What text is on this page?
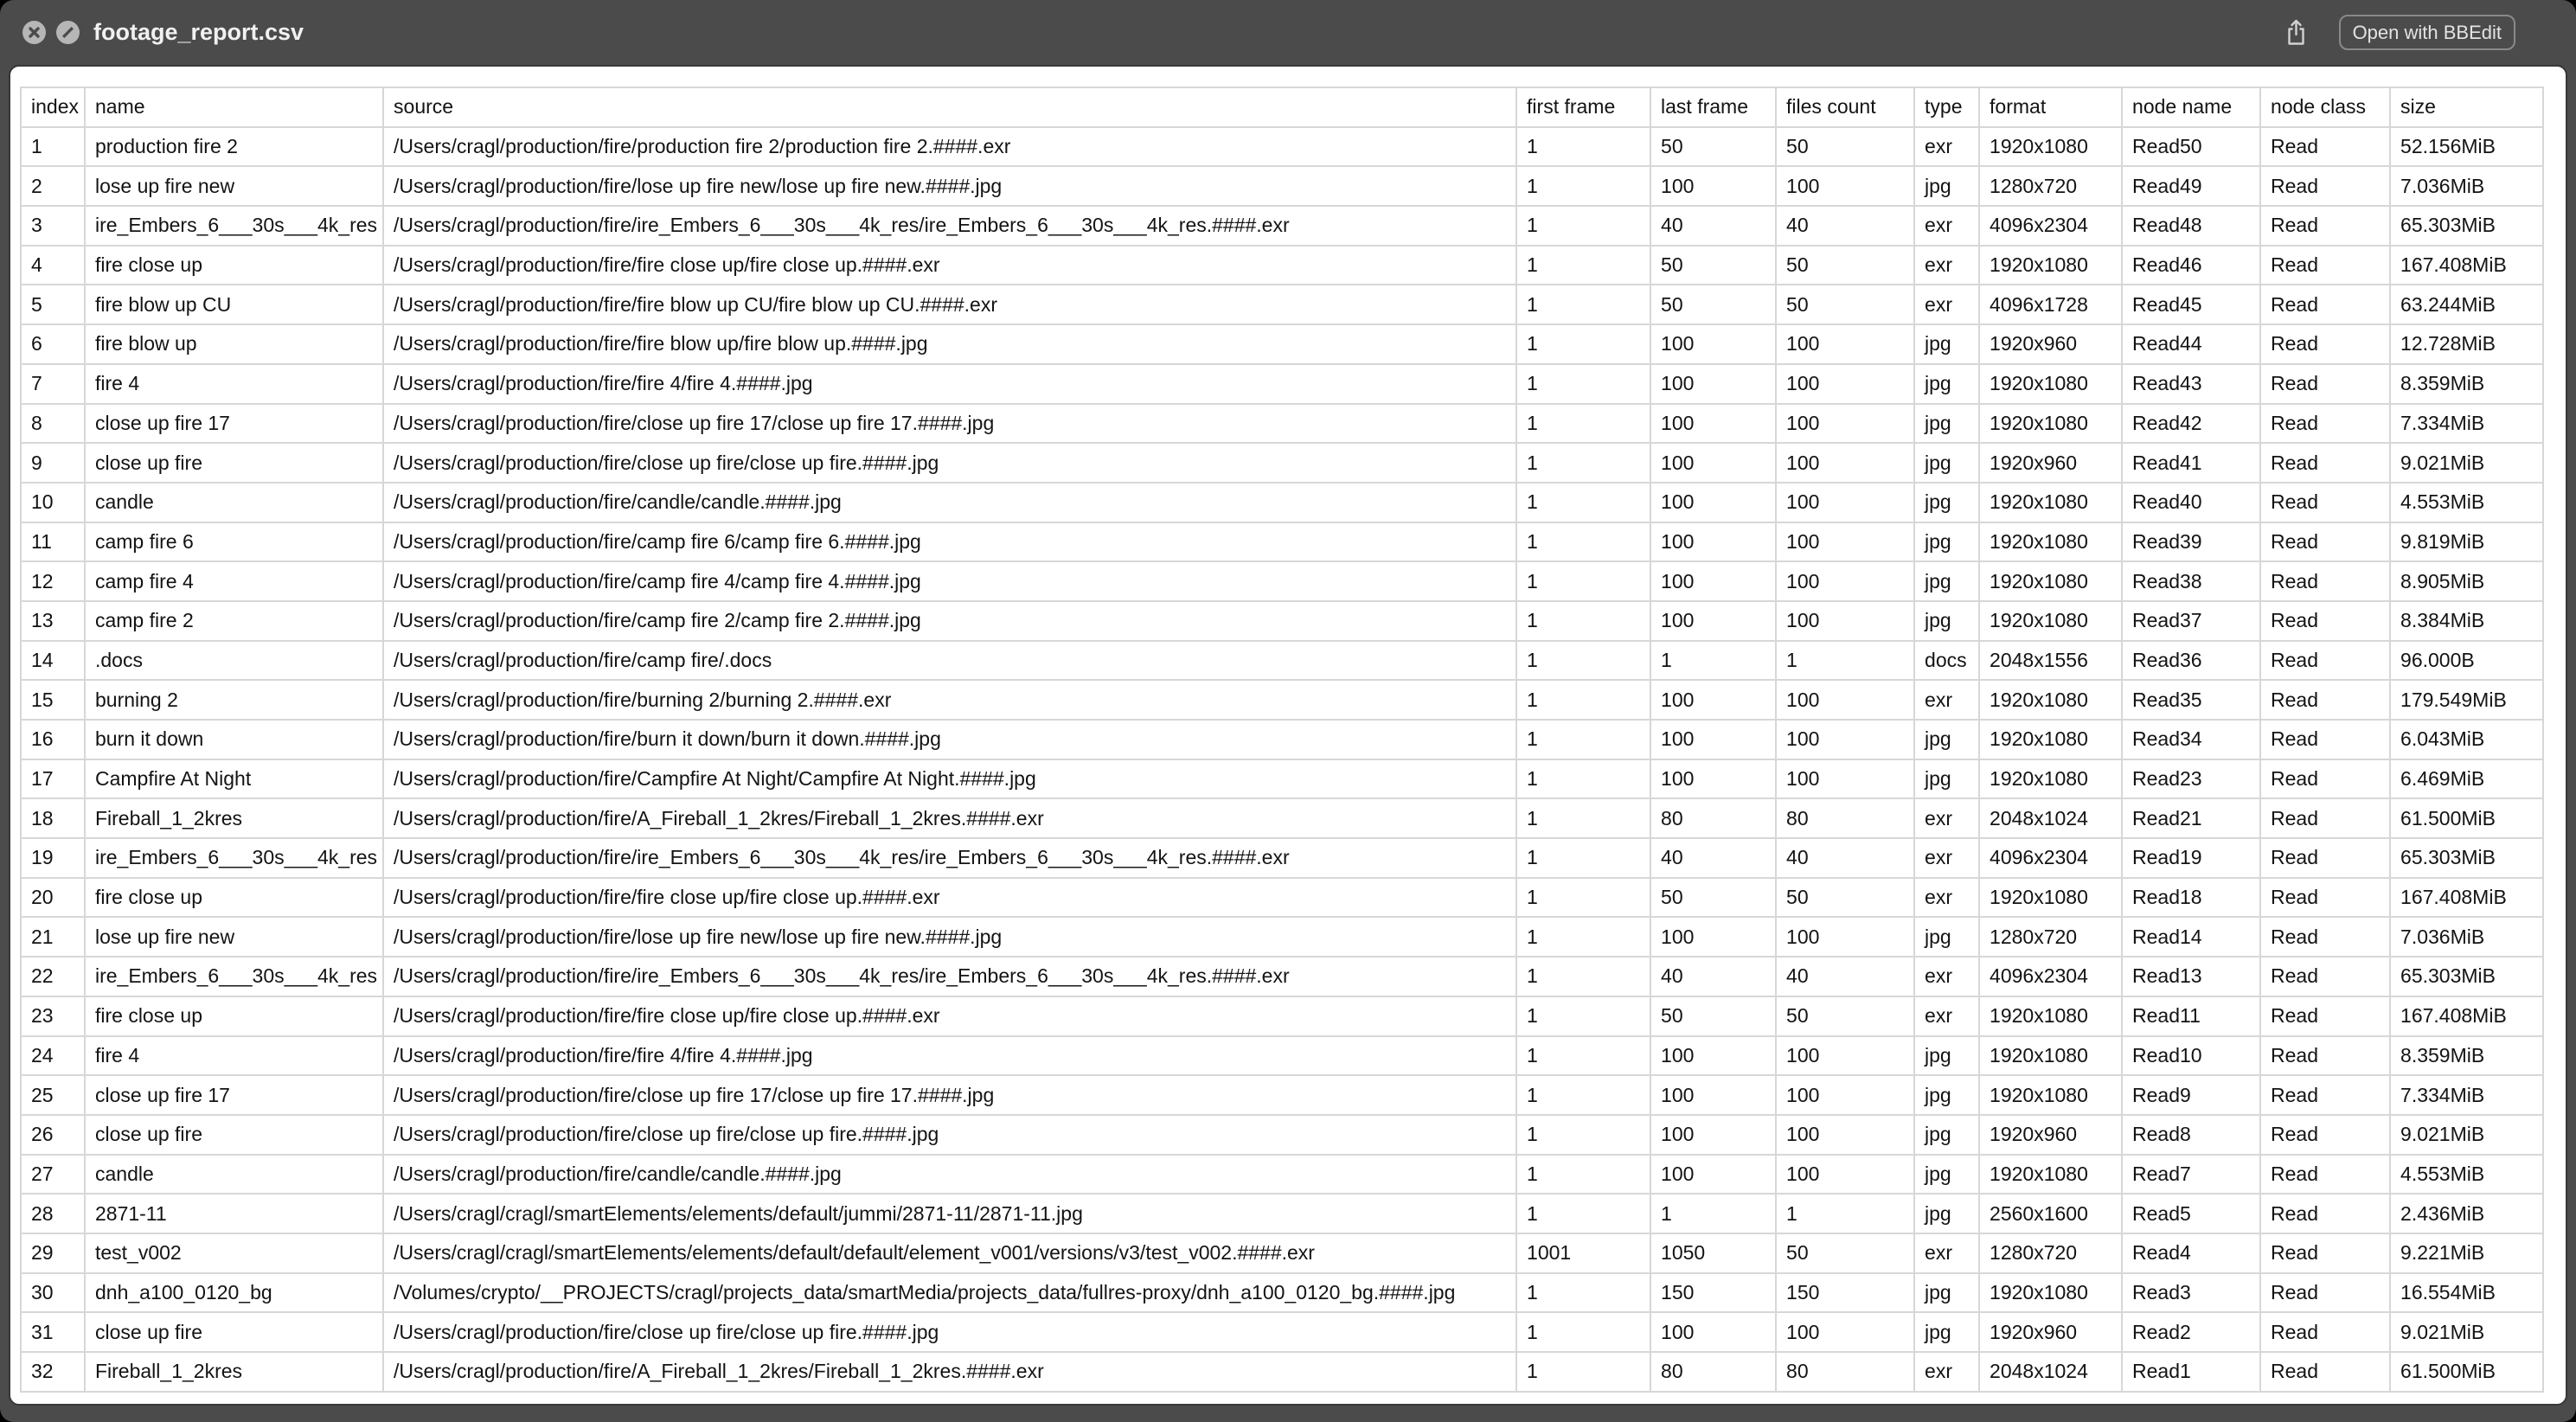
footage_report.csv	Open with BBEdit
index	name	source	first frame	last frame	files count	type	format	node name	node class	size
1	production fire 2	/Users/cragl/production/fire/production fire 2/production fire 2.####.exr	1	50	50	exr	1920x1080	Read50	Read	52.156MiB
2	lose up fire new	/Users/cragl/production/fire/lose up fire new/lose up fire new.####.jpg	1	100	100	jpg	1280x720	Read49	Read	7.036MiB
3	ire_Embers_6___30s___4k_res	/Users/cragl/production/fire/ire_Embers_6___30s___4k_res/ire_Embers_6___30s___4k_res.####.exr	1	40	40	exr	4096x2304	Read48	Read	65.303MiB
4	fire close up	/Users/cragl/production/fire/fire close up/fire close up.####.exr	1	50	50	exr	1920x1080	Read46	Read	167.408MiB
5	fire blow up CU	/Users/cragl/production/fire/fire blow up CU/fire blow up CU.####.exr	1	50	50	exr	4096x1728	Read45	Read	63.244MiB
6	fire blow up	/Users/cragl/production/fire/fire blow up/fire blow up.####.jpg	1	100	100	jpg	1920x960	Read44	Read	12.728MiB
7	fire 4	/Users/cragl/production/fire/fire 4/fire 4.####.jpg	1	100	100	jpg	1920x1080	Read43	Read	8.359MiB
8	close up fire 17	/Users/cragl/production/fire/close up fire 17/close up fire 17.####.jpg	1	100	100	jpg	1920x1080	Read42	Read	7.334MiB
9	close up fire	/Users/cragl/production/fire/close up fire/close up fire.####.jpg	1	100	100	jpg	1920x960	Read41	Read	9.021MiB
10	candle	/Users/cragl/production/fire/candle/candle.####.jpg	1	100	100	jpg	1920x1080	Read40	Read	4.553MiB
11	camp fire 6	/Users/cragl/production/fire/camp fire 6/camp fire 6.####.jpg	1	100	100	jpg	1920x1080	Read39	Read	9.819MiB
12	camp fire 4	/Users/cragl/production/fire/camp fire 4/camp fire 4.####.jpg	1	100	100	jpg	1920x1080	Read38	Read	8.905MiB
13	camp fire 2	/Users/cragl/production/fire/camp fire 2/camp fire 2.####.jpg	1	100	100	jpg	1920x1080	Read37	Read	8.384MiB
14	.docs	/Users/cragl/production/fire/camp fire/.docs	1	1	1	docs	2048x1556	Read36	Read	96.000B
15	burning 2	/Users/cragl/production/fire/burning 2/burning 2.####.exr	1	100	100	exr	1920x1080	Read35	Read	179.549MiB
16	burn it down	/Users/cragl/production/fire/burn it down/burn it down.####.jpg	1	100	100	jpg	1920x1080	Read34	Read	6.043MiB
17	Campfire At Night	/Users/cragl/production/fire/Campfire At Night/Campfire At Night.####.jpg	1	100	100	jpg	1920x1080	Read23	Read	6.469MiB
18	Fireball_1_2kres	/Users/cragl/production/fire/A_Fireball_1_2kres/Fireball_1_2kres.####.exr	1	80	80	exr	2048x1024	Read21	Read	61.500MiB
19	ire_Embers_6___30s___4k_res	/Users/cragl/production/fire/ire_Embers_6___30s___4k_res/ire_Embers_6___30s___4k_res.####.exr	1	40	40	exr	4096x2304	Read19	Read	65.303MiB
20	fire close up	/Users/cragl/production/fire/fire close up/fire close up.####.exr	1	50	50	exr	1920x1080	Read18	Read	167.408MiB
21	lose up fire new	/Users/cragl/production/fire/lose up fire new/lose up fire new.####.jpg	1	100	100	jpg	1280x720	Read14	Read	7.036MiB
22	ire_Embers_6___30s___4k_res	/Users/cragl/production/fire/ire_Embers_6___30s___4k_res/ire_Embers_6___30s___4k_res.####.exr	1	40	40	exr	4096x2304	Read13	Read	65.303MiB
23	fire close up	/Users/cragl/production/fire/fire close up/fire close up.####.exr	1	50	50	exr	1920x1080	Read11	Read	167.408MiB
24	fire 4	/Users/cragl/production/fire/fire 4/fire 4.####.jpg	1	100	100	jpg	1920x1080	Read10	Read	8.359MiB
25	close up fire 17	/Users/cragl/production/fire/close up fire 17/close up fire 17.####.jpg	1	100	100	jpg	1920x1080	Read9	Read	7.334MiB
26	close up fire	/Users/cragl/production/fire/close up fire/close up fire.####.jpg	1	100	100	jpg	1920x960	Read8	Read	9.021MiB
27	candle	/Users/cragl/production/fire/candle/candle.####.jpg	1	100	100	jpg	1920x1080	Read7	Read	4.553MiB
28	2871-11	/Users/cragl/cragl/smartElements/elements/default/jummi/2871-11/2871-11.jpg	1	1	1	jpg	2560x1600	Read5	Read	2.436MiB
29	test_v002	/Users/cragl/cragl/smartElements/elements/default/default/element_v001/versions/v3/test_v002.####.exr	1001	1050	50	exr	1280x720	Read4	Read	9.221MiB
30	dnh_a100_0120_bg	/Volumes/crypto/__PROJECTS/cragl/projects_data/smartMedia/projects_data/fullres-proxy/dnh_a100_0120_bg.####.jpg	1	150	150	jpg	1920x1080	Read3	Read	16.554MiB
31	close up fire	/Users/cragl/production/fire/close up fire/close up fire.####.jpg	1	100	100	jpg	1920x960	Read2	Read	9.021MiB
32	Fireball_1_2kres	/Users/cragl/production/fire/A_Fireball_1_2kres/Fireball_1_2kres.####.exr	1	80	80	exr	2048x1024	Read1	Read	61.500MiB
